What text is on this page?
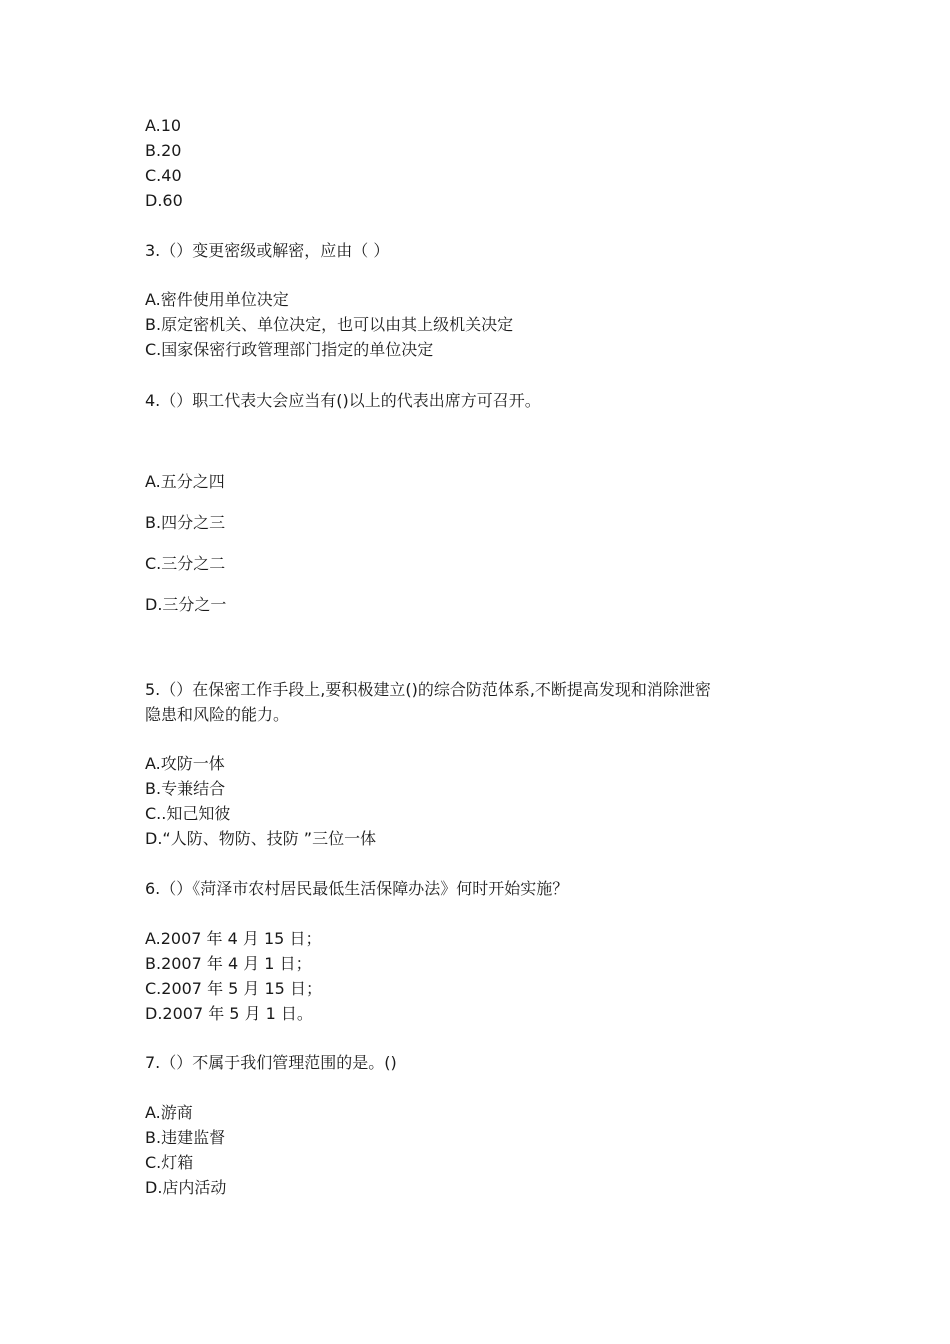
A.10
B.20
C.40
D.60
3.（）变更密级或解密，应由（ ）
A.密件使用单位决定
B.原定密机关、单位决定，也可以由其上级机关决定
C.国家保密行政管理部门指定的单位决定
4.（）职工代表大会应当有()以上的代表出席方可召开。
A.五分之四
B.四分之三
C.三分之二
D.三分之一
5.（）在保密工作手段上,要积极建立()的综合防范体系,不断提高发现和消除泄密
隐患和风险的能力。
A.攻防一体
B.专兼结合
C..知己知彼
D.“人防、物防、技防 ”三位一体
6.（）《菏泽市农村居民最低生活保障办法》何时开始实施？
A.2007 年 4 月 15 日；
B.2007 年 4 月 1 日；
C.2007 年 5 月 15 日；
D.2007 年 5 月 1 日。
7.（）不属于我们管理范围的是。()
A.游商
B.违建监督
C.灯箱
D.店内活动
